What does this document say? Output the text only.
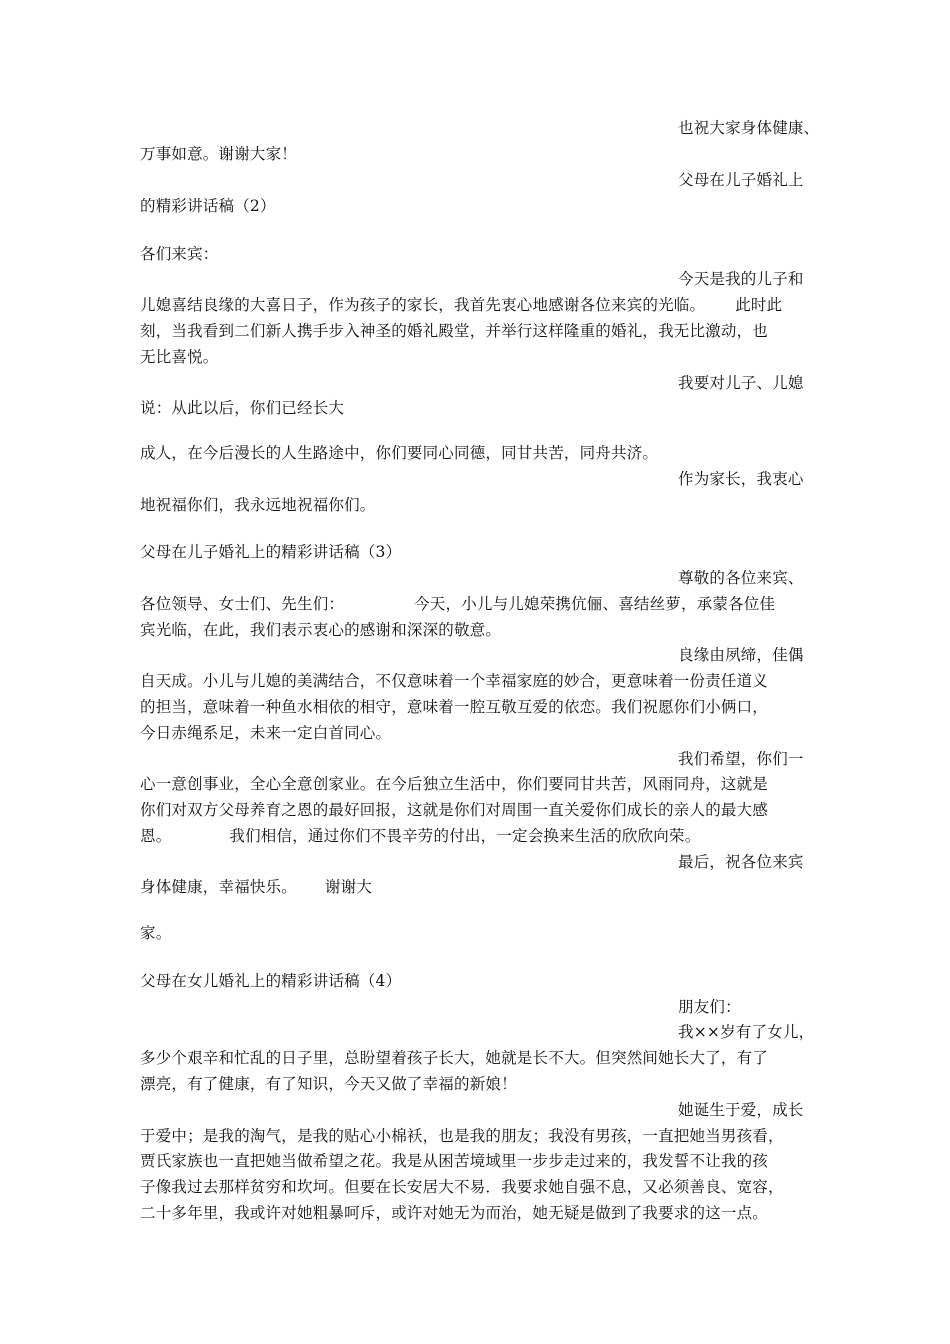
也祝大家身体健康、
万事如意。谢谢大家！
父母在儿子婚礼上
的精彩讲话稿（2）
各们来宾：
今天是我的儿子和
儿媳喜结良缘的大喜日子，作为孩子的家长，我首先衷心地感谢各位来宾的光临。 此时此
刻，当我看到二们新人携手步入神圣的婚礼殿堂，并举行这样隆重的婚礼，我无比激动，也
无比喜悦。
我要对儿子、儿媳
说：从此以后，你们已经长大
成人，在今后漫长的人生路途中，你们要同心同德，同甘共苦，同舟共济。
作为家长，我衷心
地祝福你们，我永远地祝福你们。
父母在儿子婚礼上的精彩讲话稿（3）
尊敬的各位来宾、
各位领导、女士们、先生们：	今天，小儿与儿媳荣携伉俪、喜结丝萝，承蒙各位佳
宾光临，在此，我们表示衷心的感谢和深深的敬意。
良缘由夙缔，佳偶
自天成。小儿与儿媳的美满结合，不仅意味着一个幸福家庭的妙合，更意味着一份责任道义
的担当，意味着一种鱼水相依的相守，意味着一腔互敬互爱的依恋。我们祝愿你们小俩口，
今日赤绳系足，未来一定白首同心。
我们希望，你们一
心一意创事业，全心全意创家业。在今后独立生活中，你们要同甘共苦，风雨同舟，这就是
你们对双方父母养育之恩的最好回报，这就是你们对周围一直关爱你们成长的亲人的最大感
恩。	我们相信，通过你们不畏辛劳的付出，一定会换来生活的欣欣向荣。
最后，祝各位来宾
身体健康，幸福快乐。 谢谢大
家。
父母在女儿婚礼上的精彩讲话稿（4）
朋友们：
我××岁有了女儿，
多少个艰辛和忙乱的日子里，总盼望着孩子长大，她就是长不大。但突然间她长大了，有了
漂亮，有了健康，有了知识，今天又做了幸福的新娘！
她诞生于爱，成长
于爱中；是我的淘气，是我的贴心小棉袄，也是我的朋友；我没有男孩，一直把她当男孩看，
贾氏家族也一直把她当做希望之花。我是从困苦境域里一步步走过来的，我发誓不让我的孩
子像我过去那样贫穷和坎坷。但要在长安居大不易．我要求她自强不息，又必须善良、宽容，
二十多年里，我或许对她粗暴呵斥，或许对她无为而治，她无疑是做到了我要求的这一点。
